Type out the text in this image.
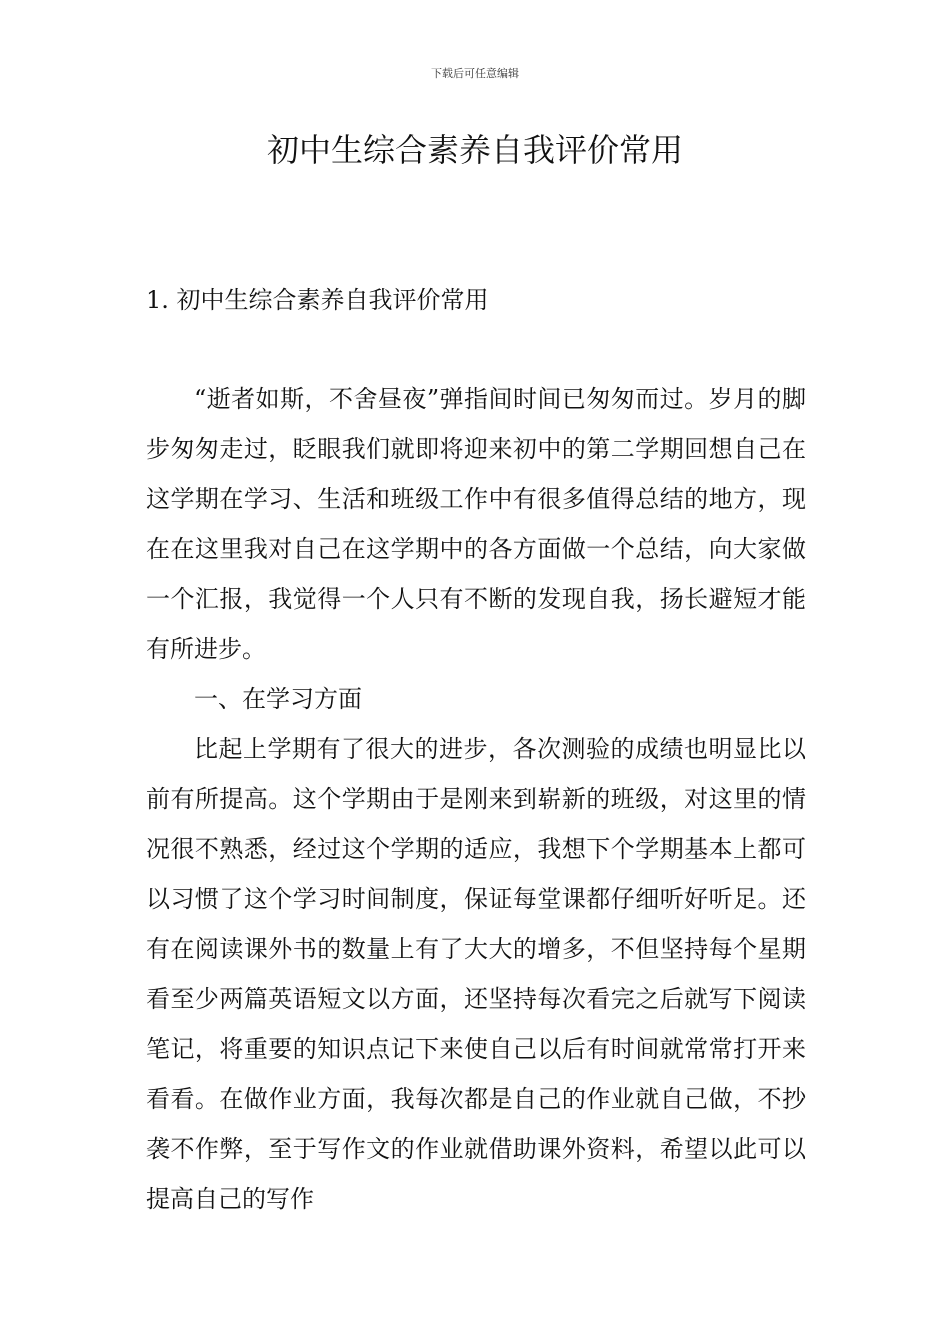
下载后可任意编辑
初中生综合素养自我评价常用
1. 初中生综合素养自我评价常用

“逝者如斯，不舍昼夜”弹指间时间已匆匆而过。岁月的脚步匆匆走过，眨眼我们就即将迎来初中的第二学期回想自己在这学期在学习、生活和班级工作中有很多值得总结的地方，现在在这里我对自己在这学期中的各方面做一个总结，向大家做一个汇报，我觉得一个人只有不断的发现自我，扬长避短才能有所进步。

一、在学习方面

比起上学期有了很大的进步，各次测验的成绩也明显比以前有所提高。这个学期由于是刚来到崭新的班级，对这里的情况很不熟悉，经过这个学期的适应，我想下个学期基本上都可以习惯了这个学习时间制度，保证每堂课都仔细听好听足。还有在阅读课外书的数量上有了大大的增多，不但坚持每个星期看至少两篇英语短文以方面，还坚持每次看完之后就写下阅读笔记，将重要的知识点记下来使自己以后有时间就常常打开来看看。在做作业方面，我每次都是自己的作业就自己做，不抄袭不作弊，至于写作文的作业就借助课外资料，希望以此可以提高自己的写作
